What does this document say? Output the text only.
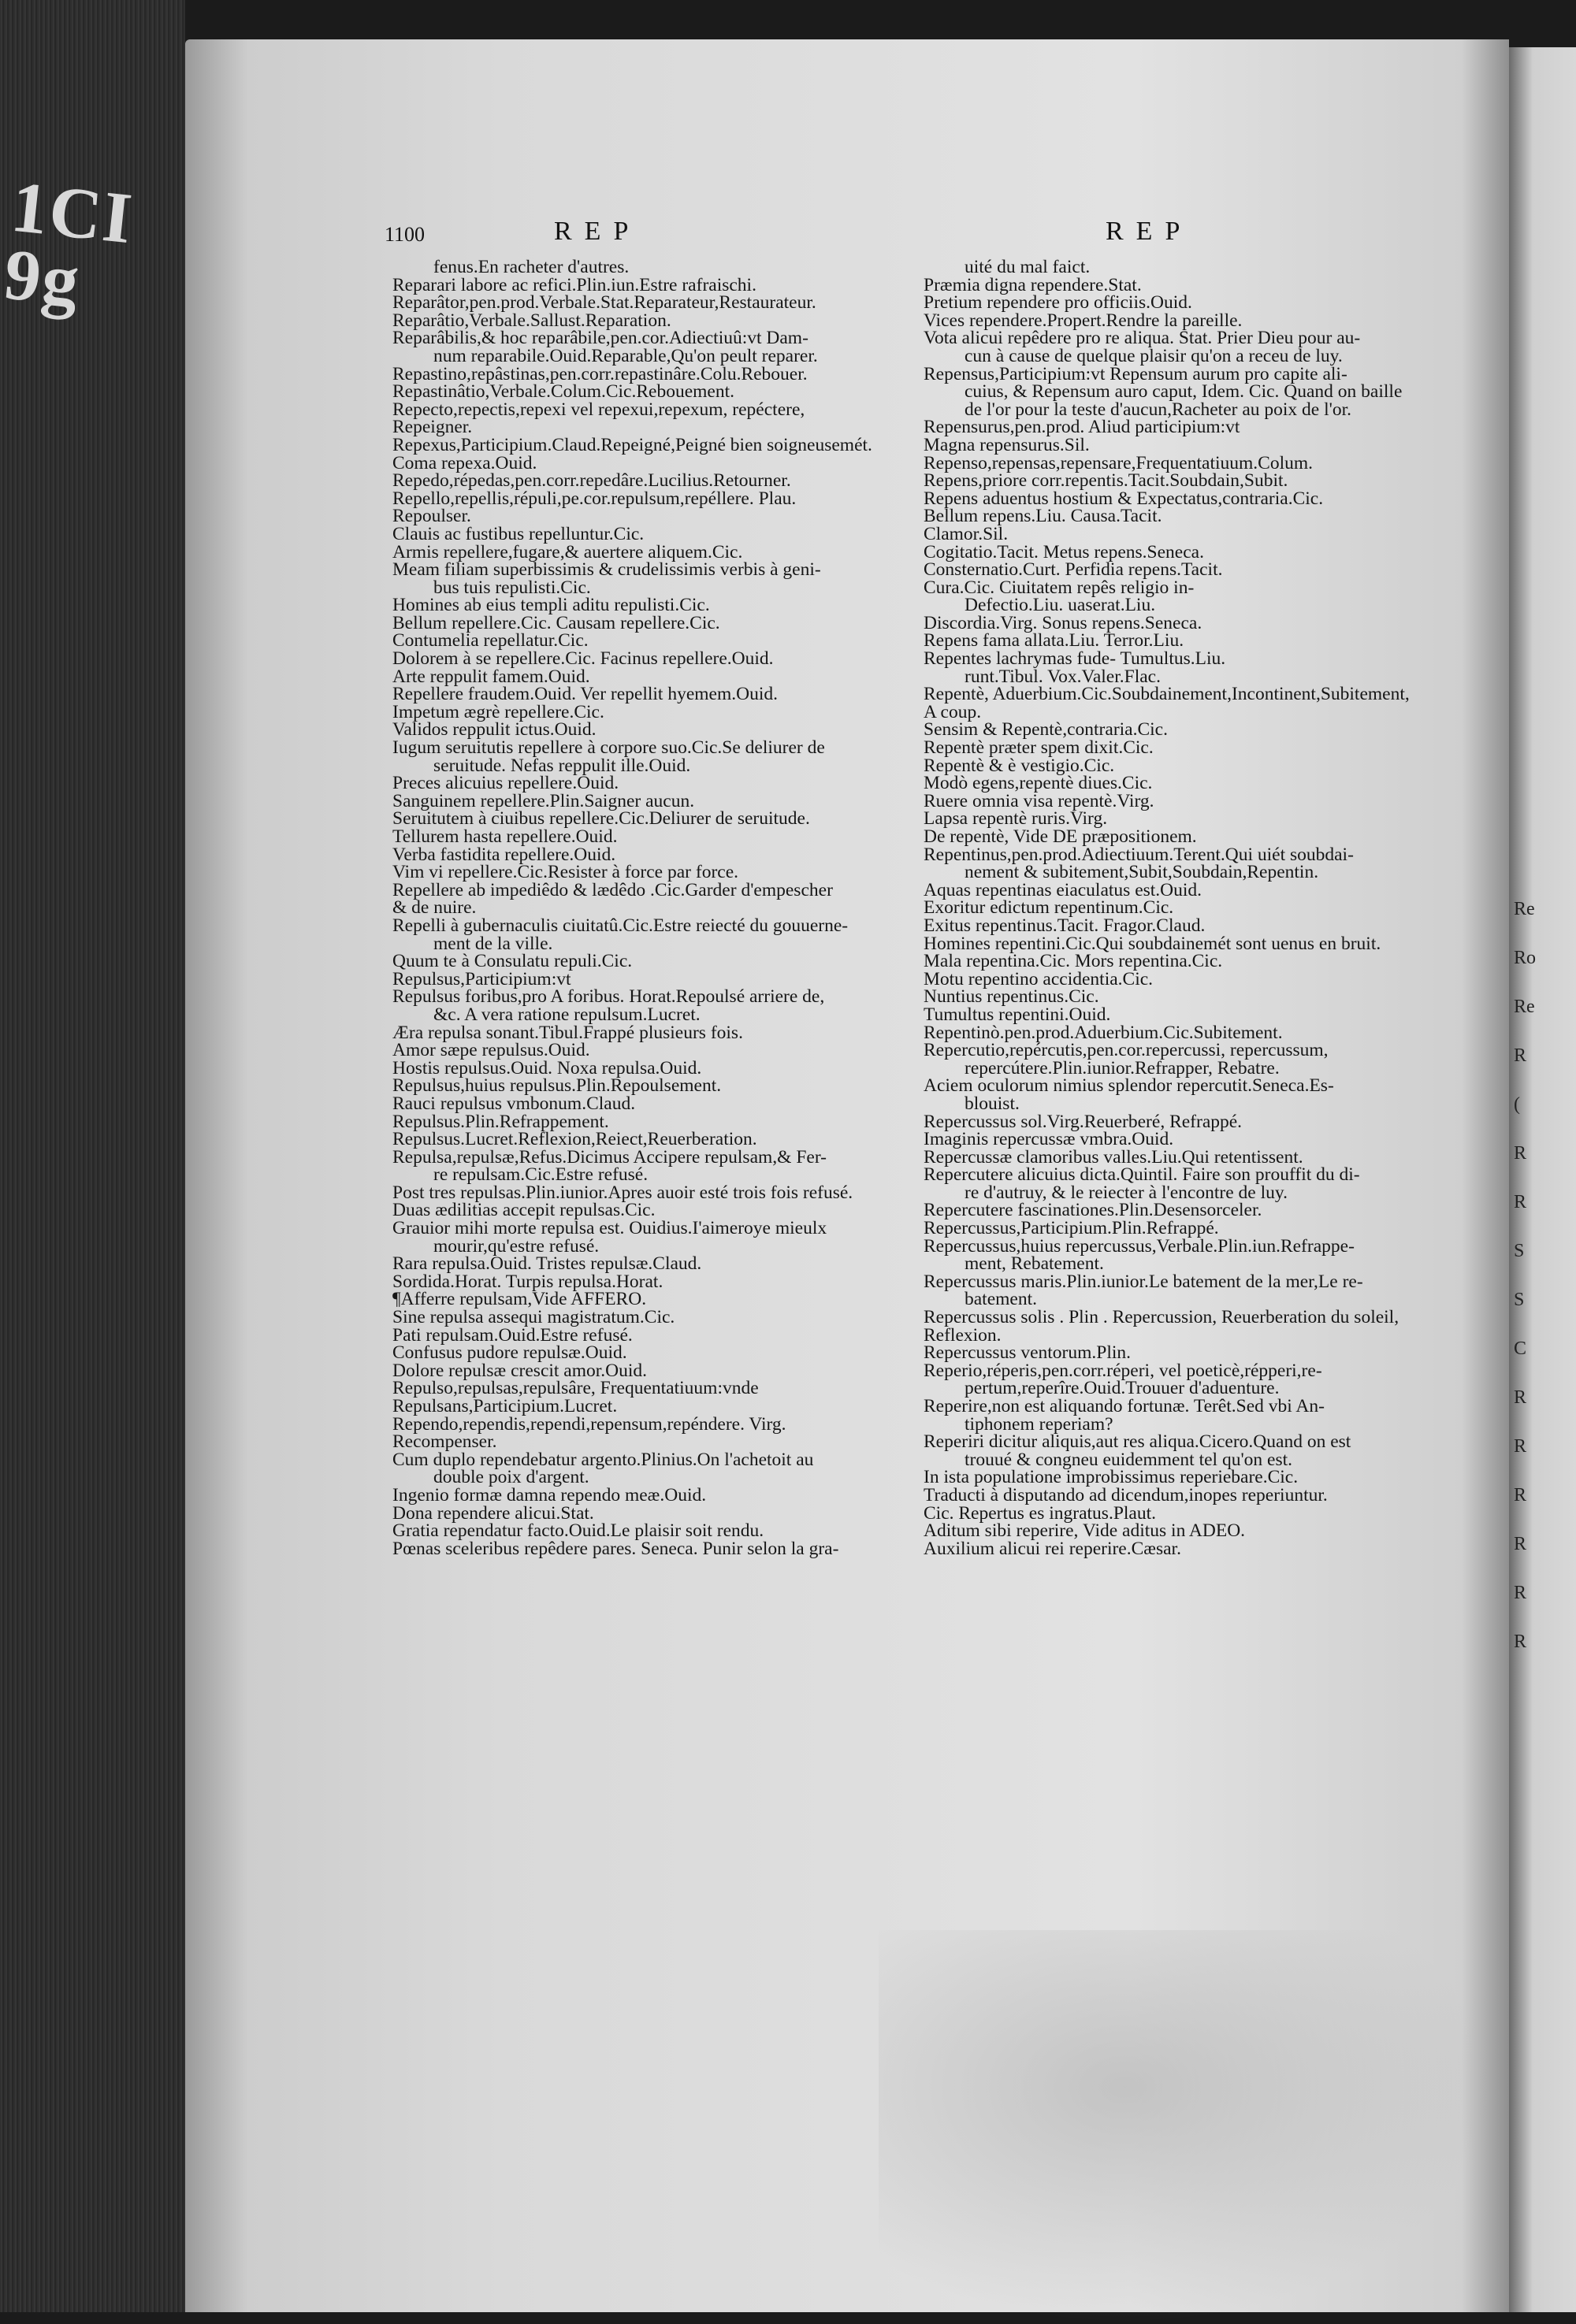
1CI 9g
Re
Ro
Re
R
(
R
R
S
S
C
R
R
R
R
R
R
1100	REP	REP
fenus.En racheter d'autres.
Reparari labore ac refici.Plin.iun.Estre rafraischi.
Reparâtor,pen.prod.Verbale.Stat.Reparateur,Restaurateur.
Reparâtio,Verbale.Sallust.Reparation.
Reparâbilis,& hoc reparâbile,pen.cor.Adiectiuû:vt Dam-
num reparabile.Ouid.Reparable,Qu'on peult reparer.
Repastino,repâstinas,pen.corr.repastinâre.Colu.Rebouer.
Repastinâtio,Verbale.Colum.Cic.Rebouement.
Repecto,repectis,repexi vel repexui,repexum, repéctere,
Repeigner.
Repexus,Participium.Claud.Repeigné,Peigné bien soigneusemét.
Coma repexa.Ouid.
Repedo,répedas,pen.corr.repedâre.Lucilius.Retourner.
Repello,repellis,répuli,pe.cor.repulsum,repéllere. Plau.
Repoulser.
Clauis ac fustibus repelluntur.Cic.
Armis repellere,fugare,& auertere aliquem.Cic.
Meam filiam superbissimis & crudelissimis verbis à geni-
bus tuis repulisti.Cic.
Homines ab eius templi aditu repulisti.Cic.
Bellum repellere.Cic. Causam repellere.Cic.
Contumelia repellatur.Cic.
Dolorem à se repellere.Cic. Facinus repellere.Ouid.
Arte reppulit famem.Ouid.
Repellere fraudem.Ouid. Ver repellit hyemem.Ouid.
Impetum ægrè repellere.Cic.
Validos reppulit ictus.Ouid.
Iugum seruitutis repellere à corpore suo.Cic.Se deliurer de
seruitude. Nefas reppulit ille.Ouid.
Preces alicuius repellere.Ouid.
Sanguinem repellere.Plin.Saigner aucun.
Seruitutem à ciuibus repellere.Cic.Deliurer de seruitude.
Tellurem hasta repellere.Ouid.
Verba fastidita repellere.Ouid.
Vim vi repellere.Cic.Resister à force par force.
Repellere ab impediêdo & lædêdo .Cic.Garder d'empescher
& de nuire.
Repelli à gubernaculis ciuitatû.Cic.Estre reiecté du gouuerne-
ment de la ville.
Quum te à Consulatu repuli.Cic.
Repulsus,Participium:vt
Repulsus foribus,pro A foribus. Horat.Repoulsé arriere de,
&c. A vera ratione repulsum.Lucret.
Æra repulsa sonant.Tibul.Frappé plusieurs fois.
Amor sæpe repulsus.Ouid.
Hostis repulsus.Ouid. Noxa repulsa.Ouid.
Repulsus,huius repulsus.Plin.Repoulsement.
Rauci repulsus vmbonum.Claud.
Repulsus.Plin.Refrappement.
Repulsus.Lucret.Reflexion,Reiect,Reuerberation.
Repulsa,repulsæ,Refus.Dicimus Accipere repulsam,& Fer-
re repulsam.Cic.Estre refusé.
Post tres repulsas.Plin.iunior.Apres auoir esté trois fois refusé.
Duas ædilitias accepit repulsas.Cic.
Grauior mihi morte repulsa est. Ouidius.I'aimeroye mieulx
mourir,qu'estre refusé.
Rara repulsa.Ouid. Tristes repulsæ.Claud.
Sordida.Horat. Turpis repulsa.Horat.
¶Afferre repulsam,Vide AFFERO.
Sine repulsa assequi magistratum.Cic.
Pati repulsam.Ouid.Estre refusé.
Confusus pudore repulsæ.Ouid.
Dolore repulsæ crescit amor.Ouid.
Repulso,repulsas,repulsâre, Frequentatiuum:vnde
Repulsans,Participium.Lucret.
Rependo,rependis,rependi,repensum,repéndere. Virg.
Recompenser.
Cum duplo rependebatur argento.Plinius.On l'achetoit au
double poix d'argent.
Ingenio formæ damna rependo meæ.Ouid.
Dona rependere alicui.Stat.
Gratia rependatur facto.Ouid.Le plaisir soit rendu.
Pœnas sceleribus repêdere pares. Seneca. Punir selon la gra-
uité du mal faict.
Præmia digna rependere.Stat.
Pretium rependere pro officiis.Ouid.
Vices rependere.Propert.Rendre la pareille.
Vota alicui repêdere pro re aliqua. Stat. Prier Dieu pour au-
cun à cause de quelque plaisir qu'on a receu de luy.
Repensus,Participium:vt Repensum aurum pro capite ali-
cuius, & Repensum auro caput, Idem. Cic. Quand on baille
de l'or pour la teste d'aucun,Racheter au poix de l'or.
Repensurus,pen.prod. Aliud participium:vt
Magna repensurus.Sil.
Repenso,repensas,repensare,Frequentatiuum.Colum.
Repens,priore corr.repentis.Tacit.Soubdain,Subit.
Repens aduentus hostium & Expectatus,contraria.Cic.
Bellum repens.Liu. Causa.Tacit.
Clamor.Sil.
Cogitatio.Tacit. Metus repens.Seneca.
Consternatio.Curt. Perfidia repens.Tacit.
Cura.Cic. Ciuitatem repês religio in-
Defectio.Liu. uaserat.Liu.
Discordia.Virg. Sonus repens.Seneca.
Repens fama allata.Liu. Terror.Liu.
Repentes lachrymas fude- Tumultus.Liu.
runt.Tibul. Vox.Valer.Flac.
Repentè, Aduerbium.Cic.Soubdainement,Incontinent,Subitement,
A coup.
Sensim & Repentè,contraria.Cic.
Repentè præter spem dixit.Cic.
Repentè & è vestigio.Cic.
Modò egens,repentè diues.Cic.
Ruere omnia visa repentè.Virg.
Lapsa repentè ruris.Virg.
De repentè, Vide DE præpositionem.
Repentinus,pen.prod.Adiectiuum.Terent.Qui uiét soubdai-
nement & subitement,Subit,Soubdain,Repentin.
Aquas repentinas eiaculatus est.Ouid.
Exoritur edictum repentinum.Cic.
Exitus repentinus.Tacit. Fragor.Claud.
Homines repentini.Cic.Qui soubdainemét sont uenus en bruit.
Mala repentina.Cic. Mors repentina.Cic.
Motu repentino accidentia.Cic.
Nuntius repentinus.Cic.
Tumultus repentini.Ouid.
Repentinò.pen.prod.Aduerbium.Cic.Subitement.
Repercutio,repércutis,pen.cor.repercussi, repercussum,
repercútere.Plin.iunior.Refrapper, Rebatre.
Aciem oculorum nimius splendor repercutit.Seneca.Es-
blouist.
Repercussus sol.Virg.Reuerberé, Refrappé.
Imaginis repercussæ vmbra.Ouid.
Repercussæ clamoribus valles.Liu.Qui retentissent.
Repercutere alicuius dicta.Quintil. Faire son prouffit du di-
re d'autruy, & le reiecter à l'encontre de luy.
Repercutere fascinationes.Plin.Desensorceler.
Repercussus,Participium.Plin.Refrappé.
Repercussus,huius repercussus,Verbale.Plin.iun.Refrappe-
ment, Rebatement.
Repercussus maris.Plin.iunior.Le batement de la mer,Le re-
batement.
Repercussus solis . Plin . Repercussion, Reuerberation du soleil,
Reflexion.
Repercussus ventorum.Plin.
Reperio,réperis,pen.corr.réperi, vel poeticè,répperi,re-
pertum,reperîre.Ouid.Trouuer d'aduenture.
Reperire,non est aliquando fortunæ. Terêt.Sed vbi An-
tiphonem reperiam?
Reperiri dicitur aliquis,aut res aliqua.Cicero.Quand on est
trouué & congneu euidemment tel qu'on est.
In ista populatione improbissimus reperiebare.Cic.
Traducti à disputando ad dicendum,inopes reperiuntur.
Cic. Repertus es ingratus.Plaut.
Aditum sibi reperire, Vide aditus in ADEO.
Auxilium alicui rei reperire.Cæsar.
